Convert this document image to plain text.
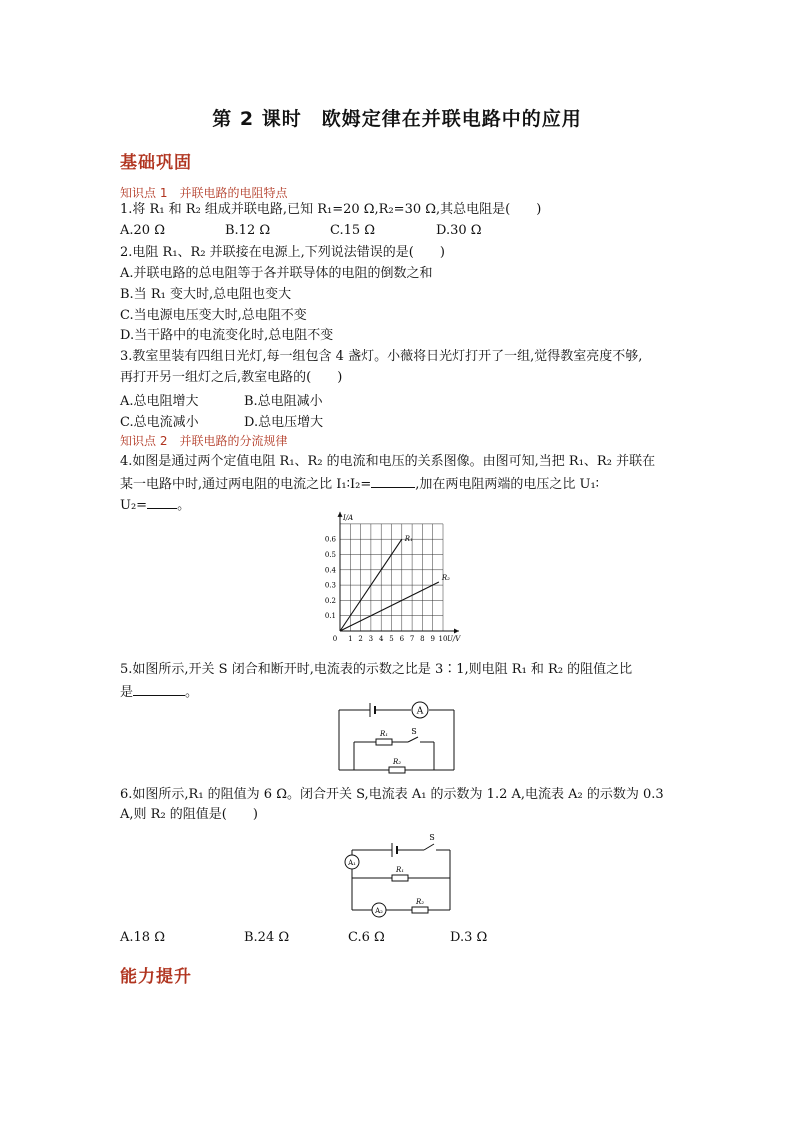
第 2 课时　欧姆定律在并联电路中的应用
基础巩固
知识点 1　并联电路的电阻特点
1.将 R₁ 和 R₂ 组成并联电路,已知 R₁=20 Ω,R₂=30 Ω,其总电阻是(　　)
A.20 Ω	B.12 Ω	C.15 Ω	D.30 Ω
2.电阻 R₁、R₂ 并联接在电源上,下列说法错误的是(　　)
A.并联电路的总电阻等于各并联导体的电阻的倒数之和
B.当 R₁ 变大时,总电阻也变大
C.当电源电压变大时,总电阻不变
D.当干路中的电流变化时,总电阻不变
3.教室里装有四组日光灯,每一组包含 4 盏灯。小薇将日光灯打开了一组,觉得教室亮度不够,
再打开另一组灯之后,教室电路的(　　)
A.总电阻增大	B.总电阻减小
C.总电流减小	D.总电压增大
知识点 2　并联电路的分流规律
4.如图是通过两个定值电阻 R₁、R₂ 的电流和电压的关系图像。由图可知,当把 R₁、R₂ 并联在
某一电路中时,通过两电阻的电流之比 I₁∶I₂=	,加在两电阻两端的电压之比 U₁∶
U₂= 。
1 2 3 4 5 6 7 8 9 10
0.1
0.2
0.3
0.4
0.5
0.6
0	U/V
I/A
R₁
R₂
5.如图所示,开关 S 闭合和断开时,电流表的示数之比是 3∶1,则电阻 R₁ 和 R₂ 的阻值之比
是	。
A
R₁	S
R₂
6.如图所示,R₁ 的阻值为 6 Ω。闭合开关 S,电流表 A₁ 的示数为 1.2 A,电流表 A₂ 的示数为 0.3
A,则 R₂ 的阻值是(　　)
A₁
A₂
R₁
R₂
S
A.18 Ω	B.24 Ω	C.6 Ω	D.3 Ω
能力提升
